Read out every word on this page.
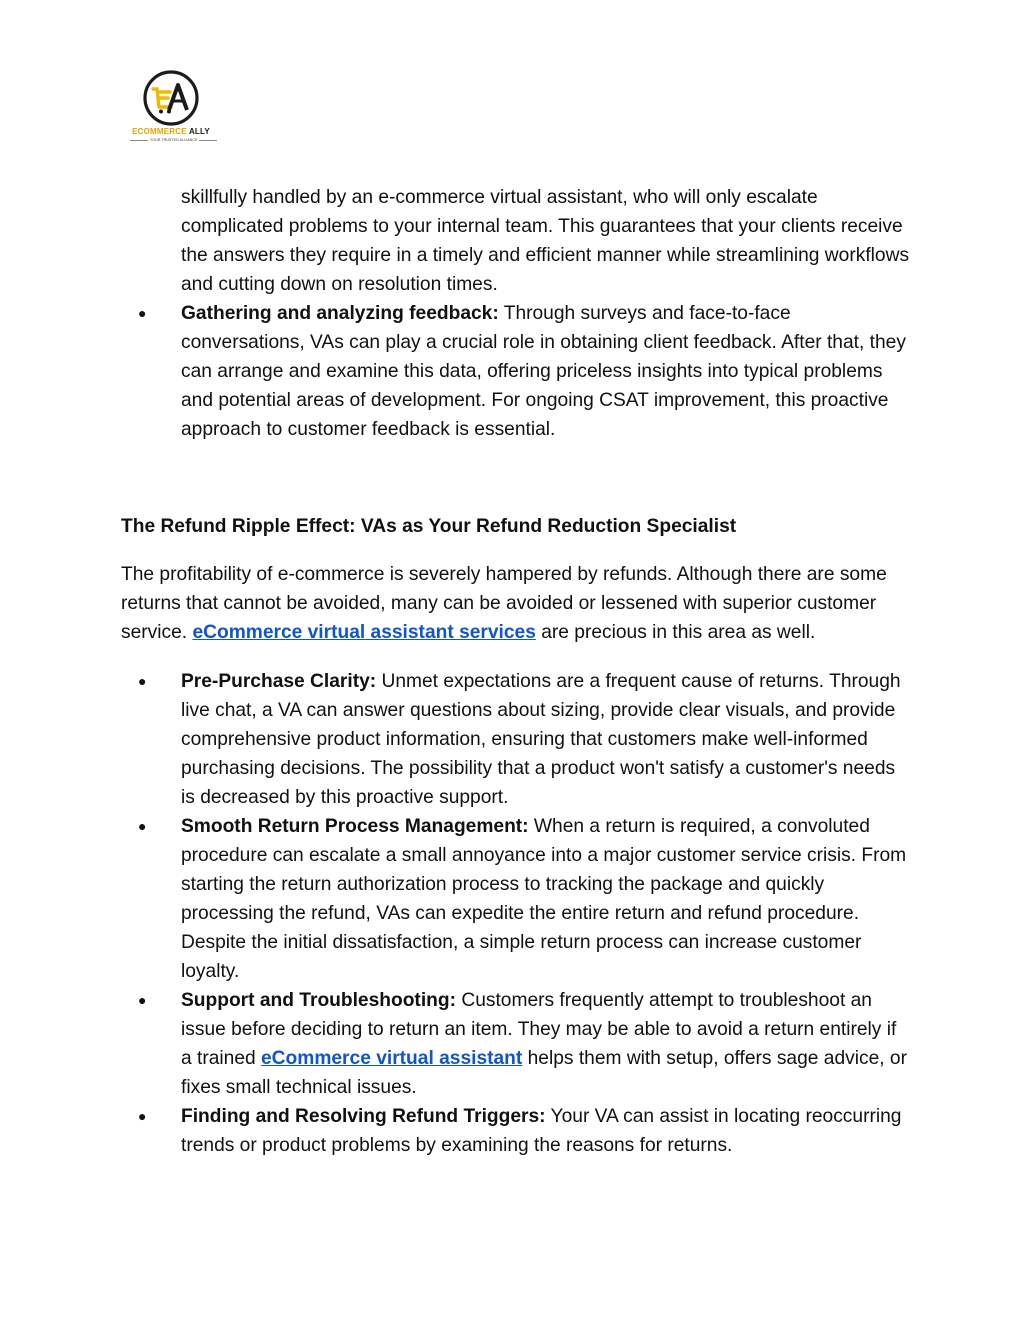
ECOMMERCE ALLY
YOUR TRUSTED ALLIANCE
skillfully handled by an e-commerce virtual assistant, who will only escalate complicated problems to your internal team. This guarantees that your clients receive the answers they require in a timely and efficient manner while streamlining workflows and cutting down on resolution times.
● Gathering and analyzing feedback: Through surveys and face-to-face conversations, VAs can play a crucial role in obtaining client feedback. After that, they can arrange and examine this data, offering priceless insights into typical problems and potential areas of development. For ongoing CSAT improvement, this proactive approach to customer feedback is essential.
The Refund Ripple Effect: VAs as Your Refund Reduction Specialist
The profitability of e-commerce is severely hampered by refunds. Although there are some returns that cannot be avoided, many can be avoided or lessened with superior customer service. eCommerce virtual assistant services are precious in this area as well.
● Pre-Purchase Clarity: Unmet expectations are a frequent cause of returns. Through live chat, a VA can answer questions about sizing, provide clear visuals, and provide comprehensive product information, ensuring that customers make well-informed purchasing decisions. The possibility that a product won't satisfy a customer's needs is decreased by this proactive support.
● Smooth Return Process Management: When a return is required, a convoluted procedure can escalate a small annoyance into a major customer service crisis. From starting the return authorization process to tracking the package and quickly processing the refund, VAs can expedite the entire return and refund procedure. Despite the initial dissatisfaction, a simple return process can increase customer loyalty.
● Support and Troubleshooting: Customers frequently attempt to troubleshoot an issue before deciding to return an item. They may be able to avoid a return entirely if a trained eCommerce virtual assistant helps them with setup, offers sage advice, or fixes small technical issues.
● Finding and Resolving Refund Triggers: Your VA can assist in locating reoccurring trends or product problems by examining the reasons for returns.
